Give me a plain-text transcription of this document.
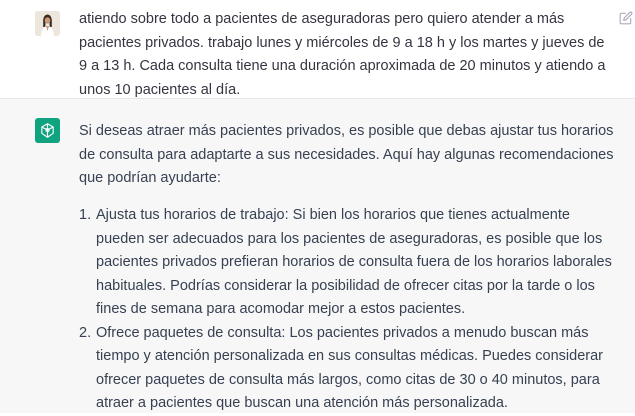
atiendo sobre todo a pacientes de aseguradoras pero quiero atender a más pacientes privados. trabajo lunes y miércoles de 9 a 18 h y los martes y jueves de 9 a 13 h. Cada consulta tiene una duración aproximada de 20 minutos y atiendo a unos 10 pacientes al día.

Si deseas atraer más pacientes privados, es posible que debas ajustar tus horarios de consulta para adaptarte a sus necesidades. Aquí hay algunas recomendaciones que podrían ayudarte:

1. Ajusta tus horarios de trabajo: Si bien los horarios que tienes actualmente pueden ser adecuados para los pacientes de aseguradoras, es posible que los pacientes privados prefieran horarios de consulta fuera de los horarios laborales habituales. Podrías considerar la posibilidad de ofrecer citas por la tarde o los fines de semana para acomodar mejor a estos pacientes.
2. Ofrece paquetes de consulta: Los pacientes privados a menudo buscan más tiempo y atención personalizada en sus consultas médicas. Puedes considerar ofrecer paquetes de consulta más largos, como citas de 30 o 40 minutos, para atraer a pacientes que buscan una atención más personalizada.
